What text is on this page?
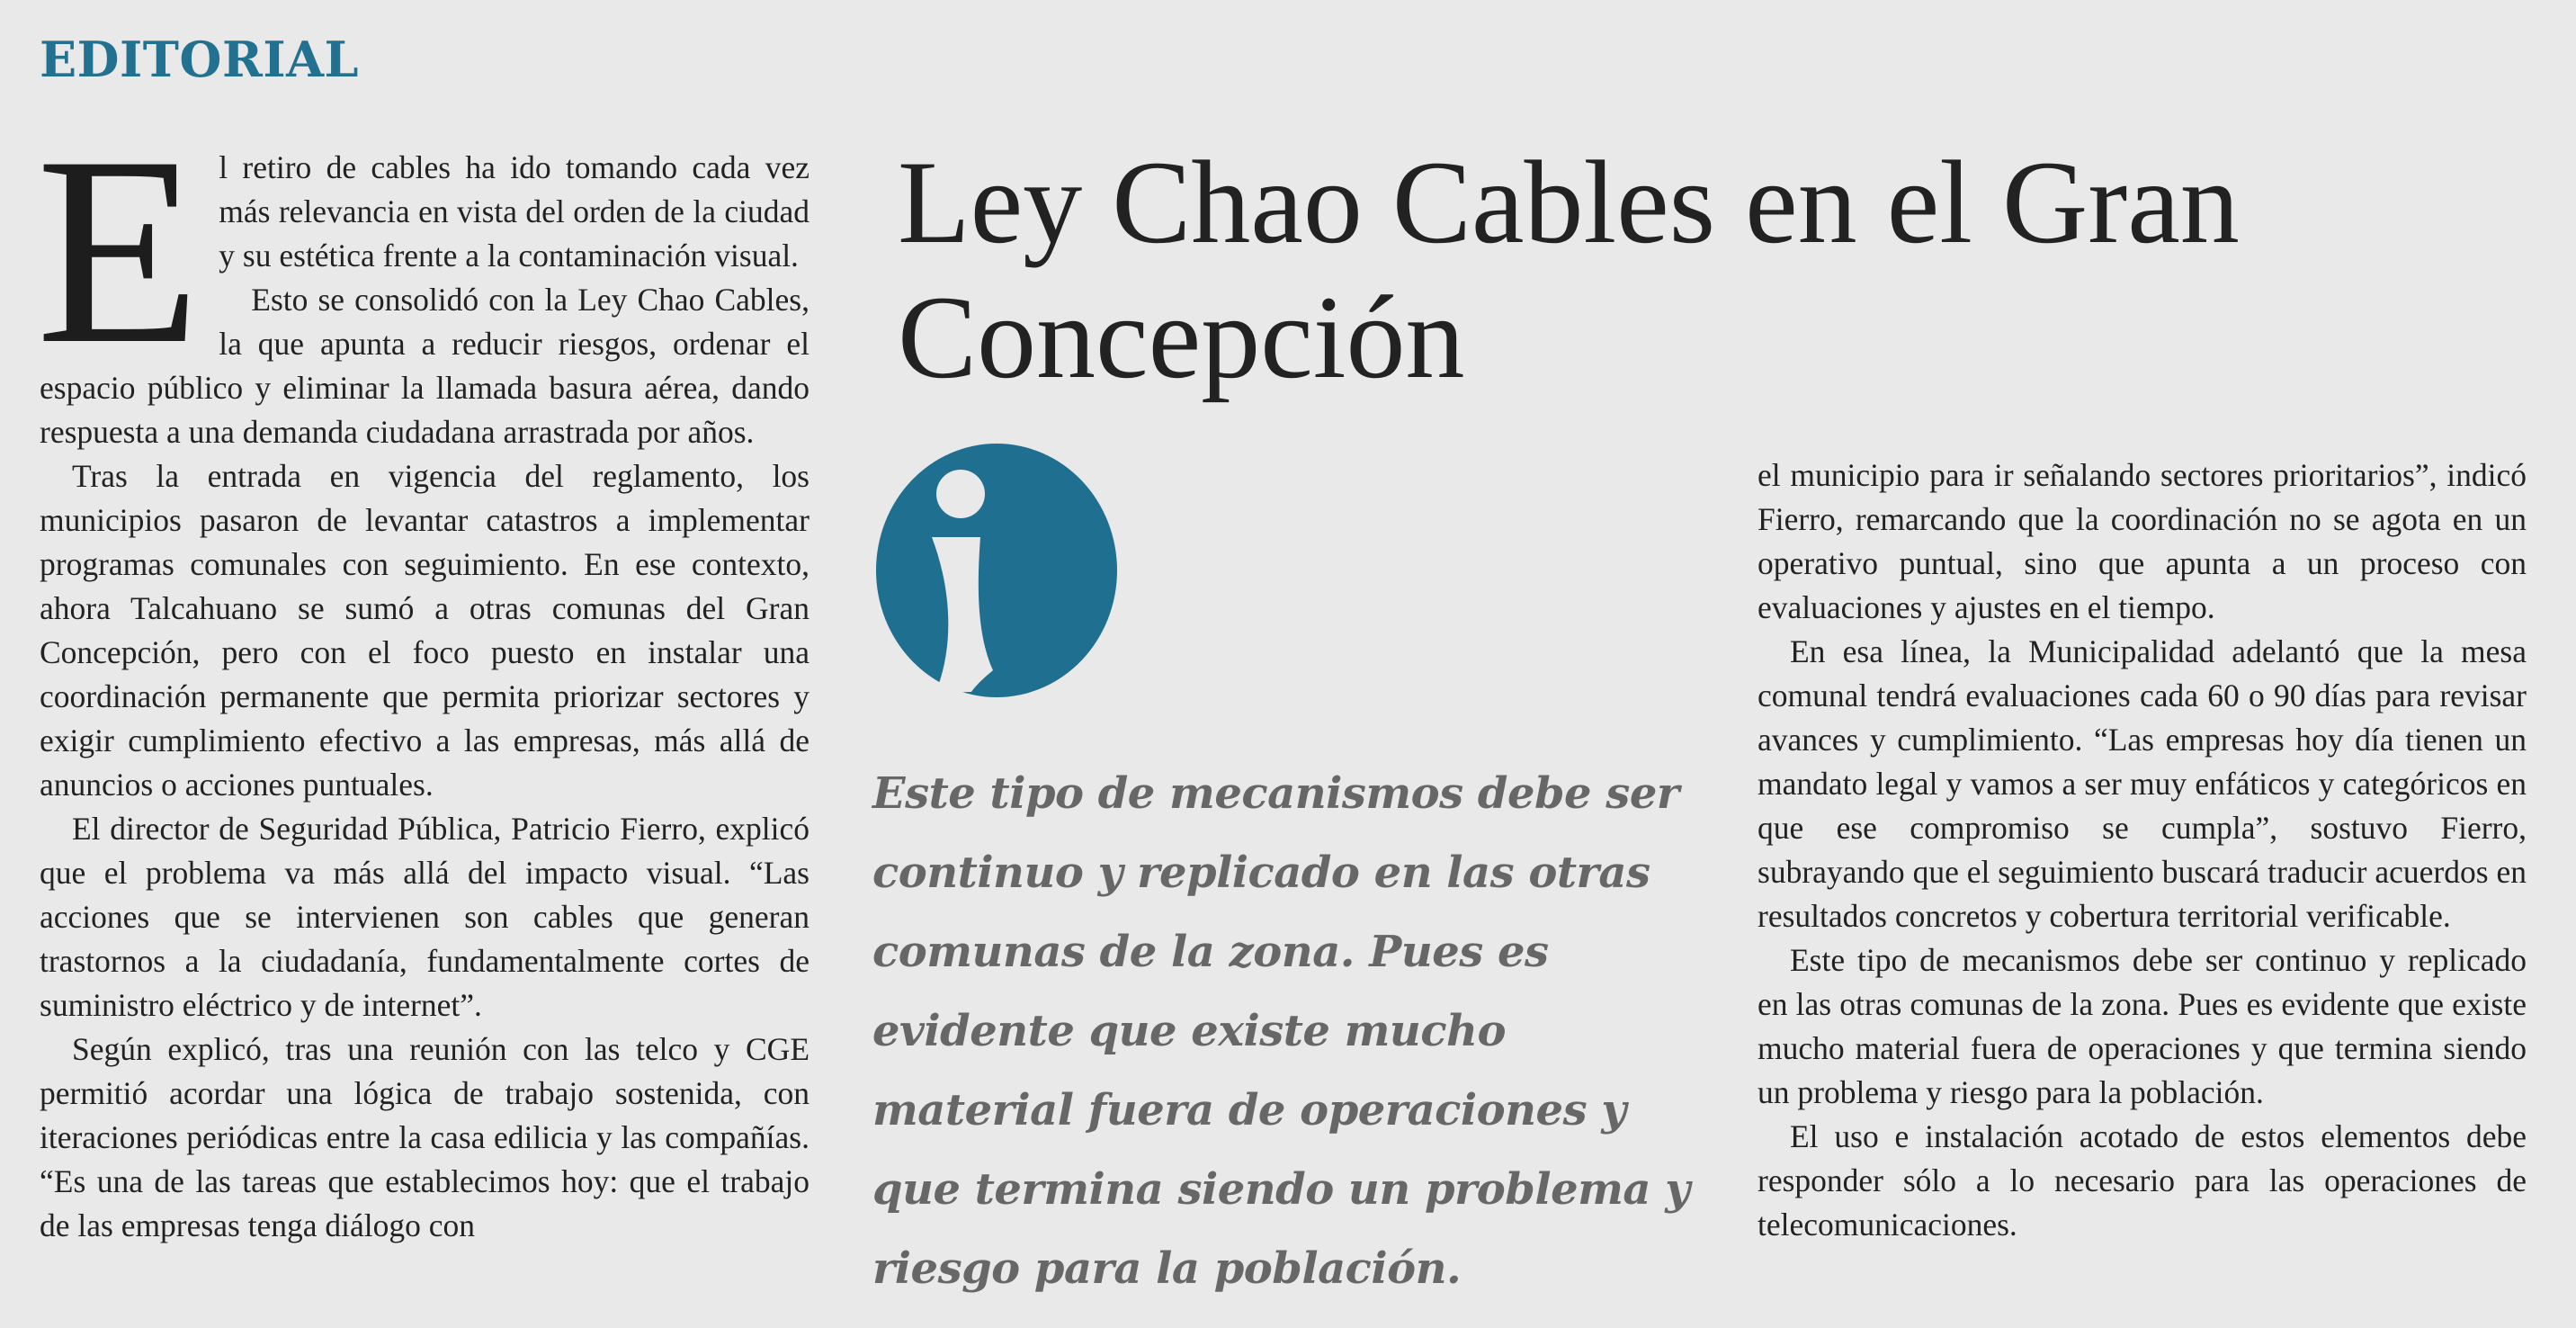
EDITORIAL

El retiro de cables ha ido tomando cada vez más relevancia en vista del orden de la ciudad y su estética frente a la contaminación visual.

Esto se consolidó con la Ley Chao Cables, la que apunta a reducir riesgos, ordenar el espacio público y eliminar la llamada basura aérea, dando respuesta a una demanda ciudadana arrastrada por años.

Tras la entrada en vigencia del reglamento, los municipios pasaron de levantar catastros a implementar programas comunales con seguimiento. En ese contexto, ahora Talcahuano se sumó a otras comunas del Gran Concepción, pero con el foco puesto en instalar una coordinación permanente que permita priorizar sectores y exigir cumplimiento efectivo a las empresas, más allá de anuncios o acciones puntuales.

El director de Seguridad Pública, Patricio Fierro, explicó que el problema va más allá del impacto visual. “Las acciones que se intervienen son cables que generan trastornos a la ciudadanía, fundamentalmente cortes de suministro eléctrico y de internet”.

Según explicó, tras una reunión con las telco y CGE permitió acordar una lógica de trabajo sostenida, con iteraciones periódicas entre la casa edilicia y las compañías. “Es una de las tareas que establecimos hoy: que el trabajo de las empresas tenga diálogo con

Ley Chao Cables en el Gran Concepción

Este tipo de mecanismos debe ser continuo y replicado en las otras comunas de la zona. Pues es evidente que existe mucho material fuera de operaciones y que termina siendo un problema y riesgo para la población.

el municipio para ir señalando sectores prioritarios”, indicó Fierro, remarcando que la coordinación no se agota en un operativo puntual, sino que apunta a un proceso con evaluaciones y ajustes en el tiempo.

En esa línea, la Municipalidad adelantó que la mesa comunal tendrá evaluaciones cada 60 o 90 días para revisar avances y cumplimiento. “Las empresas hoy día tienen un mandato legal y vamos a ser muy enfáticos y categóricos en que ese compromiso se cumpla”, sostuvo Fierro, subrayando que el seguimiento buscará traducir acuerdos en resultados concretos y cobertura territorial verificable.

Este tipo de mecanismos debe ser continuo y replicado en las otras comunas de la zona. Pues es evidente que existe mucho material fuera de operaciones y que termina siendo un problema y riesgo para la población.

El uso e instalación acotado de estos elementos debe responder sólo a lo necesario para las operaciones de telecomunicaciones.
